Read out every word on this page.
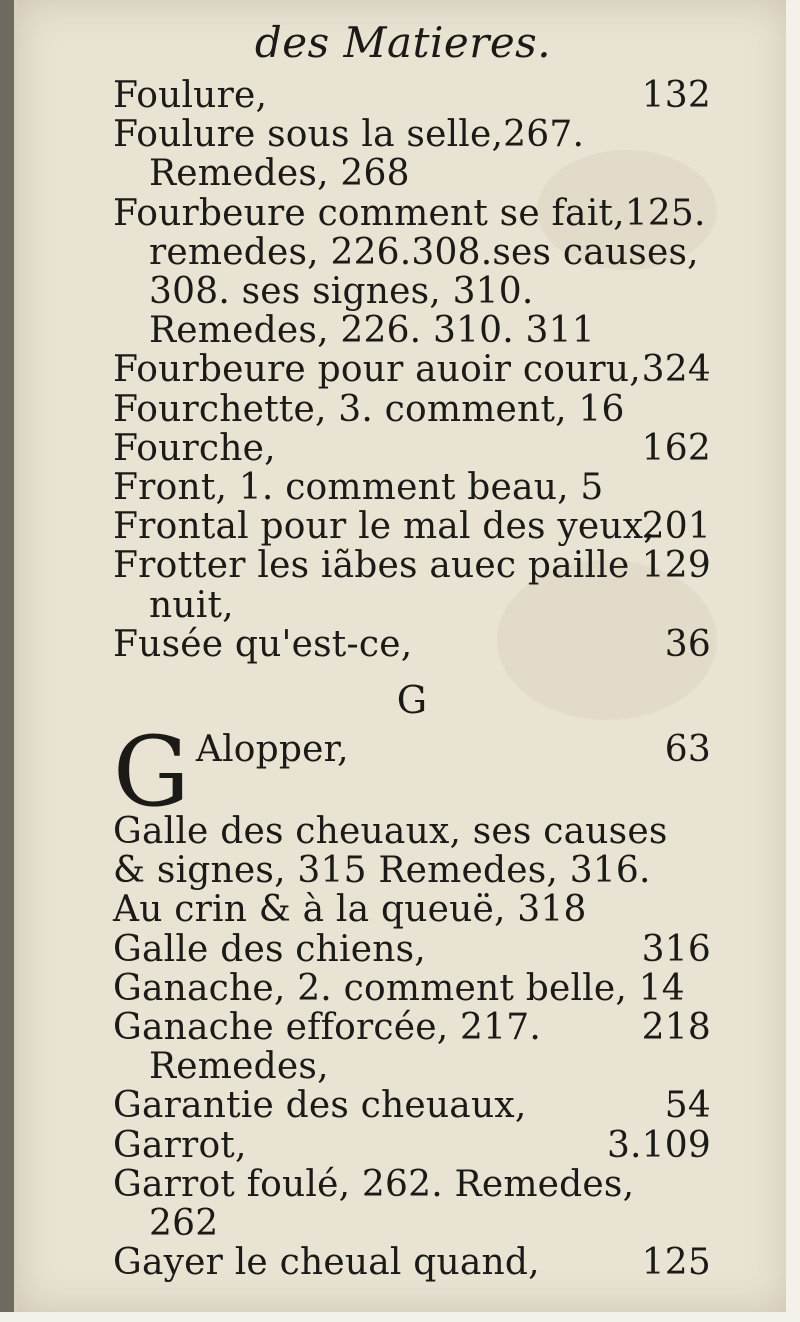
des Matieres.

132
Foulure,

Foulure sous la selle,267. Remedes, 268

Fourbeure comment se fait,125. remedes, 226.308.ses causes, 308. ses signes, 310. Remedes, 226. 310. 311

324
Fourbeure pour auoir couru,

Fourchette, 3. comment, 16

162
Fourche,

Front, 1. comment beau, 5

201
Frontal pour le mal des yeux,

129
Frotter les iãbes auec paille nuit,

36
Fusée qu'est-ce,

G
G	63
Alopper,

Galle des cheuaux, ses causes & signes, 315 Remedes, 316. Au crin & à la queuë, 318

316
Galle des chiens,

Ganache, 2. comment belle, 14

218
Ganache efforcée, 217. Remedes,

54
Garantie des cheuaux,

3.109
Garrot,

Garrot foulé, 262. Remedes, 262

125
Gayer le cheual quand,
